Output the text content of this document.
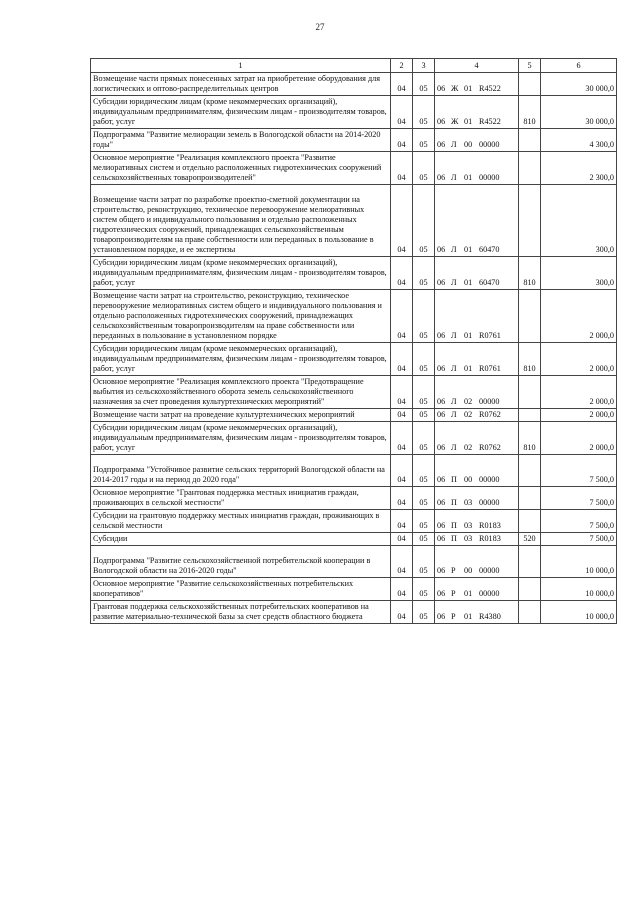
27
1	2	3	4	5	6
Возмещение части прямых понесенных затрат на приобретение оборудования для логистических и оптово-распределительных центров	04	05	06 Ж 01 R4522		30 000,0
Субсидии юридическим лицам (кроме некоммерческих организаций), индивидуальным предпринимателям, физическим лицам - производителям товаров, работ, услуг	04	05	06 Ж 01 R4522	810	30 000,0
Подпрограмма "Развитие мелиорации земель в Вологодской области на 2014-2020 годы"	04	05	06 Л 00 00000		4 300,0
Основное мероприятие "Реализация комплексного проекта "Развитие мелиоративных систем и отдельно расположенных гидротехнических сооружений сельскохозяйственных товаропроизводителей"	04	05	06 Л 01 00000		2 300,0
Возмещение части затрат по разработке проектно-сметной документации на строительство, реконструкцию, техническое перевооружение мелиоративных систем общего и индивидуального пользования и отдельно расположенных гидротехнических сооружений, принадлежащих сельскохозяйственным товаропроизводителям на праве собственности или переданных в пользование в установленном порядке, и ее экспертизы	04	05	06 Л 01 60470		300,0
Субсидии юридическим лицам (кроме некоммерческих организаций), индивидуальным предпринимателям, физическим лицам - производителям товаров, работ, услуг	04	05	06 Л 01 60470	810	300,0
Возмещение части затрат на строительство, реконструкцию, техническое перевооружение мелиоративных систем общего и индивидуального пользования и отдельно расположенных гидротехнических сооружений, принадлежащих сельскохозяйственным товаропроизводителям на праве собственности или переданных в пользование в установленном порядке	04	05	06 Л 01 R0761		2 000,0
Субсидии юридическим лицам (кроме некоммерческих организаций), индивидуальным предпринимателям, физическим лицам - производителям товаров, работ, услуг	04	05	06 Л 01 R0761	810	2 000,0
Основное мероприятие "Реализация комплексного проекта "Предотвращение выбытия из сельскохозяйственного оборота земель сельскохозяйственного назначения за счет проведения культуртехнических мероприятий"	04	05	06 Л 02 00000		2 000,0
Возмещение части затрат на проведение культуртехнических мероприятий	04	05	06 Л 02 R0762		2 000,0
Субсидии юридическим лицам (кроме некоммерческих организаций), индивидуальным предпринимателям, физическим лицам - производителям товаров, работ, услуг	04	05	06 Л 02 R0762	810	2 000,0
Подпрограмма "Устойчивое развитие сельских территорий Вологодской области на 2014-2017 годы и на период до 2020 года"	04	05	06 П 00 00000		7 500,0
Основное мероприятие "Грантовая поддержка местных инициатив граждан, проживающих в сельской местности"	04	05	06 П 03 00000		7 500,0
Субсидии на грантовую поддержку местных инициатив граждан, проживающих в сельской местности	04	05	06 П 03 R0183		7 500,0
Субсидии	04	05	06 П 03 R0183	520	7 500,0
Подпрограмма "Развитие сельскохозяйственной потребительской кооперации в Вологодской области на 2016-2020 годы"	04	05	06 Р 00 00000		10 000,0
Основное мероприятие "Развитие сельскохозяйственных потребительских кооперативов"	04	05	06 Р 01 00000		10 000,0
Грантовая поддержка сельскохозяйственных потребительских кооперативов на развитие материально-технической базы за счет средств областного бюджета	04	05	06 Р 01 R4380		10 000,0
